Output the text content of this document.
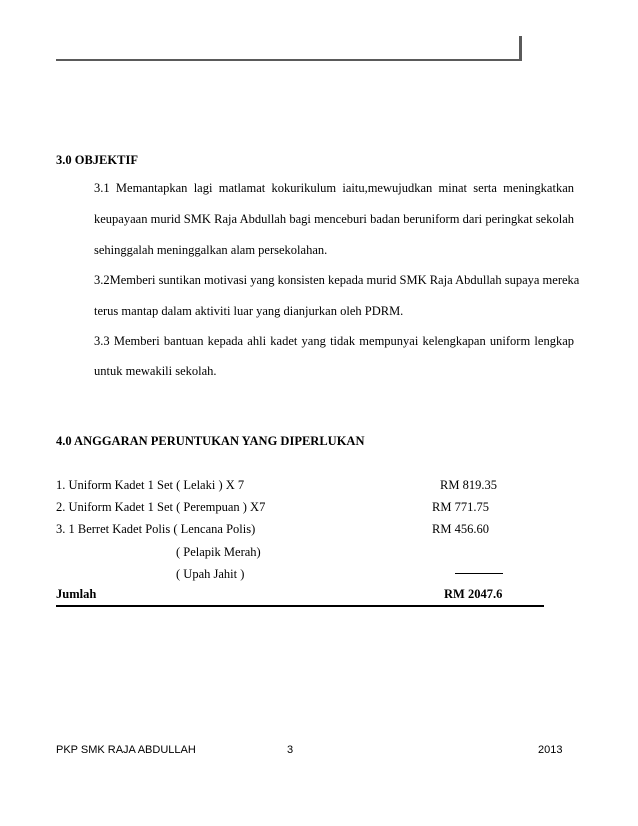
3.0 OBJEKTIF
3.1 Memantapkan lagi matlamat kokurikulum iaitu,mewujudkan minat serta meningkatkan
keupayaan murid SMK Raja Abdullah bagi menceburi badan beruniform dari peringkat sekolah
sehinggalah meninggalkan alam persekolahan.
3.2Memberi suntikan motivasi yang konsisten kepada murid SMK Raja Abdullah supaya mereka
terus mantap dalam aktiviti luar yang dianjurkan oleh PDRM.
3.3 Memberi bantuan kepada ahli kadet yang tidak mempunyai kelengkapan uniform lengkap
untuk mewakili sekolah.
4.0 ANGGARAN PERUNTUKAN YANG DIPERLUKAN
1. Uniform Kadet 1 Set ( Lelaki ) X 7	RM 819.35
2. Uniform Kadet 1 Set ( Perempuan ) X7	RM 771.75
3. 1 Berret Kadet Polis ( Lencana Polis)	RM 456.60
( Pelapik Merah)
( Upah Jahit )
Jumlah	RM 2047.6
PKP SMK RAJA ABDULLAH	3	2013
